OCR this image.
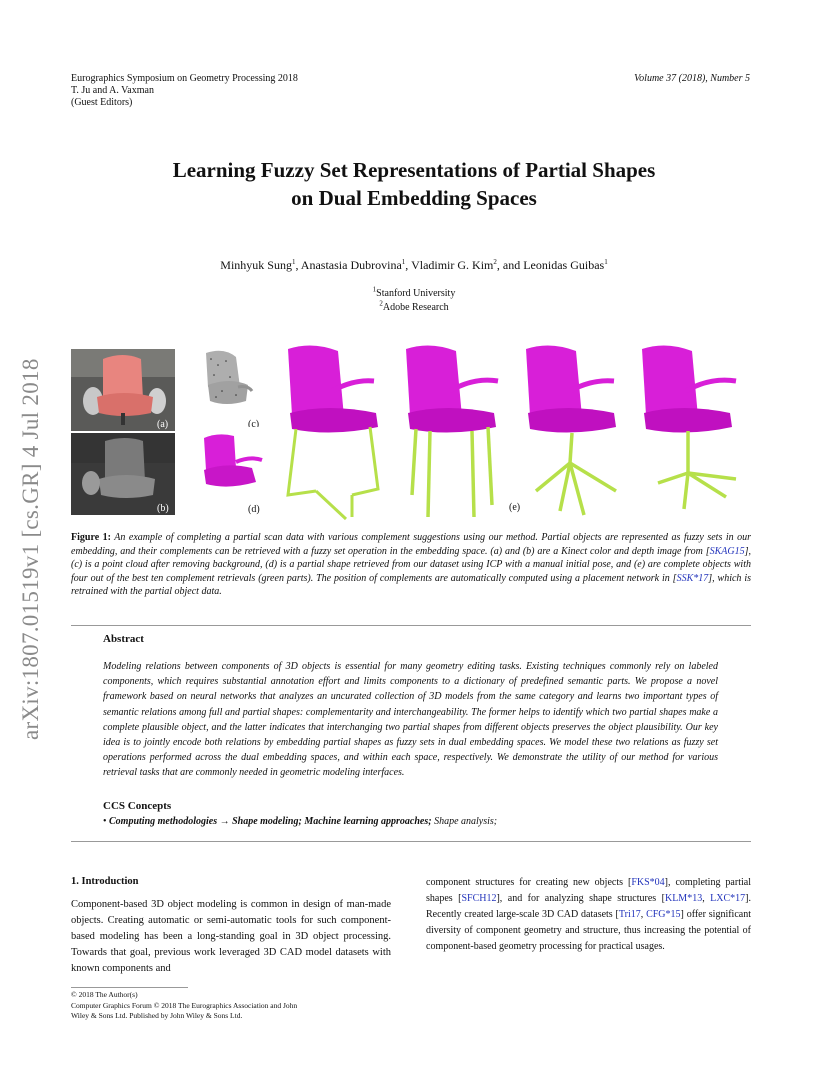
Eurographics Symposium on Geometry Processing 2018
T. Ju and A. Vaxman
(Guest Editors)
Volume 37 (2018), Number 5
Learning Fuzzy Set Representations of Partial Shapes
on Dual Embedding Spaces
Minhyuk Sung$^1$, Anastasia Dubrovina$^1$, Vladimir G. Kim$^2$, and Leonidas Guibas$^1$
$^1$Stanford University
$^2$Adobe Research
arXiv:1807.01519v1 [cs.GR] 4 Jul 2018	(a)
(b)
(c)
(d)	(e)
Figure 1: An example of completing a partial scan data with various complement suggestions using our method. Partial objects are represented as fuzzy sets in our embedding, and their complements can be retrieved with a fuzzy set operation in the embedding space. (a) and (b) are a Kinect color and depth image from [SKAG15], (c) is a point cloud after removing background, (d) is a partial shape retrieved from our dataset using ICP with a manual initial pose, and (e) are complete objects with four out of the best ten complement retrievals (green parts). The position of complements are automatically computed using a placement network in [SSK*17], which is retrained with the partial object data.
Abstract
Modeling relations between components of 3D objects is essential for many geometry editing tasks. Existing techniques commonly rely on labeled components, which requires substantial annotation effort and limits components to a dictionary of predefined semantic parts. We propose a novel framework based on neural networks that analyzes an uncurated collection of 3D models from the same category and learns two important types of semantic relations among full and partial shapes: complementarity and interchangeability. The former helps to identify which two partial shapes make a complete plausible object, and the latter indicates that interchanging two partial shapes from different objects preserves the object plausibility. Our key idea is to jointly encode both relations by embedding partial shapes as fuzzy sets in dual embedding spaces. We model these two relations as fuzzy set operations performed across the dual embedding spaces, and within each space, respectively. We demonstrate the utility of our method for various retrieval tasks that are commonly needed in geometric modeling interfaces.
CCS Concepts
• Computing methodologies → Shape modeling; Machine learning approaches; Shape analysis;
1. Introduction
Component-based 3D object modeling is common in design of man-made objects. Creating automatic or semi-automatic tools for such component-based modeling has been a long-standing goal in 3D object processing. Towards that goal, previous work leveraged 3D CAD model datasets with known components and
component structures for creating new objects [FKS*04], completing partial shapes [SFCH12], and for analyzing shape structures [KLM*13, LXC*17]. Recently created large-scale 3D CAD datasets [Tri17, CFG*15] offer significant diversity of component geometry and structure, thus increasing the potential of component-based geometry processing for practical usages.
© 2018 The Author(s)
Computer Graphics Forum © 2018 The Eurographics Association and John
Wiley & Sons Ltd. Published by John Wiley & Sons Ltd.
